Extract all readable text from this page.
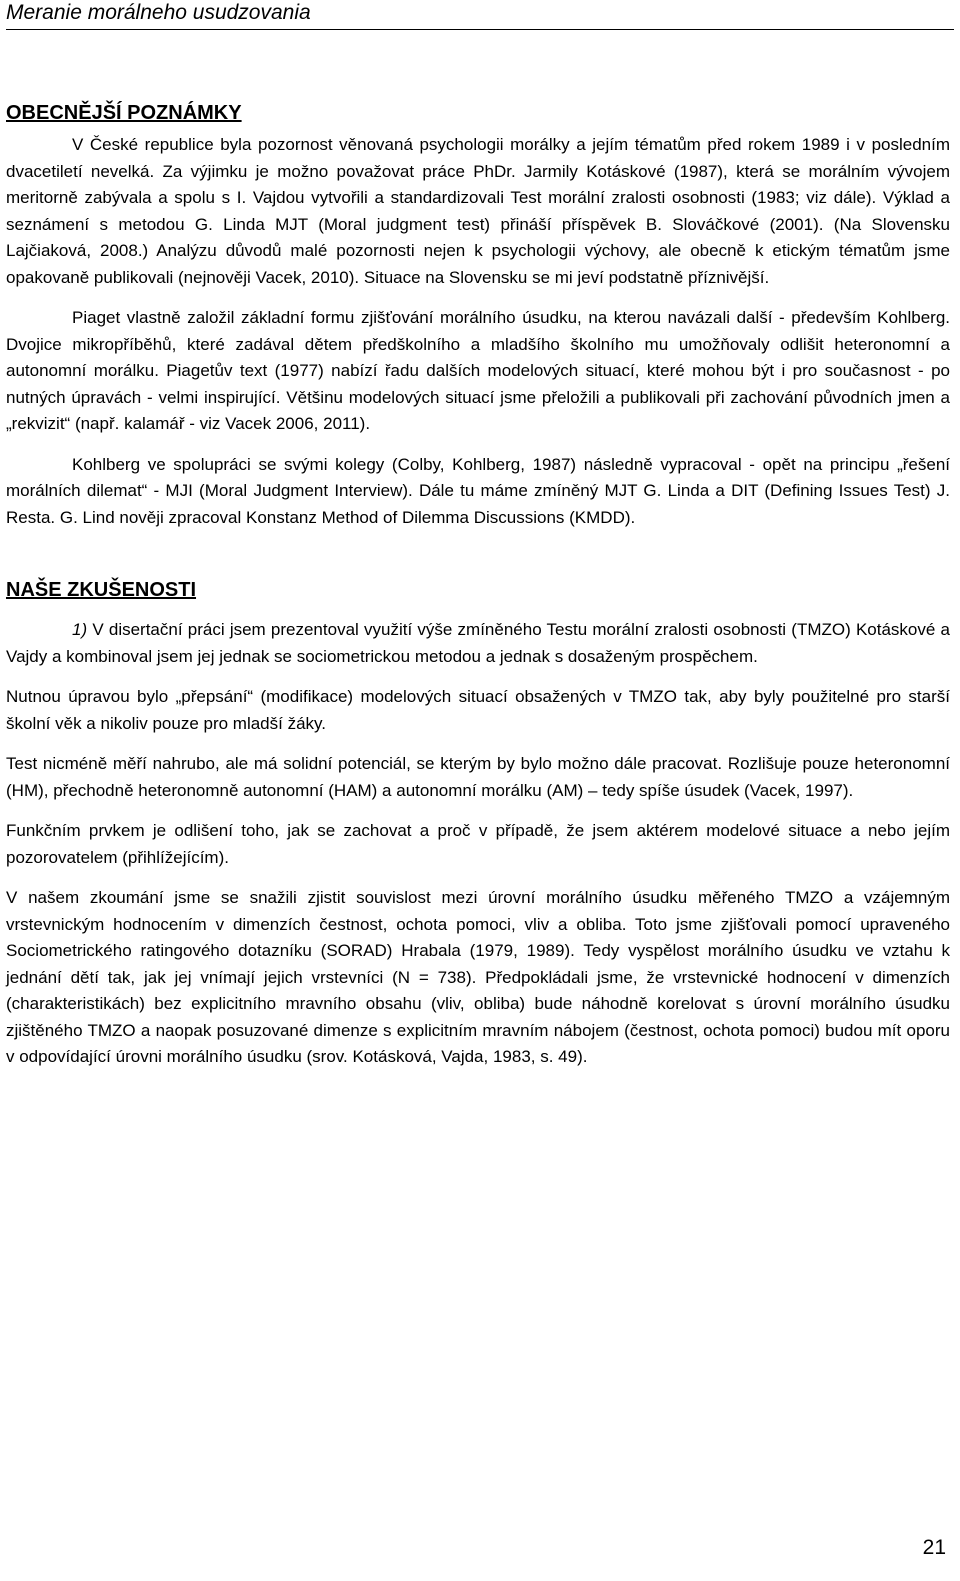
Meranie morálneho usudzovania
OBECNĚJŠÍ POZNÁMKY

V České republice byla pozornost věnovaná psychologii morálky a jejím tématům před rokem 1989 i v posledním dvacetiletí nevelká. Za výjimku je možno považovat práce PhDr. Jarmily Kotáskové (1987), která se morálním vývojem meritorně zabývala a spolu s I. Vajdou vytvořili a standardizovali Test morální zralosti osobnosti (1983; viz dále). Výklad a seznámení s metodou G. Linda MJT (Moral judgment test) přináší příspěvek B. Slováčkové (2001). (Na Slovensku Lajčiaková, 2008.) Analýzu důvodů malé pozornosti nejen k psychologii výchovy, ale obecně k etickým tématům jsme opakovaně publikovali (nejnověji Vacek, 2010). Situace na Slovensku se mi jeví podstatně příznivější.

Piaget vlastně založil základní formu zjišťování morálního úsudku, na kterou navázali další - především Kohlberg. Dvojice mikropříběhů, které zadával dětem předškolního a mladšího školního mu umožňovaly odlišit heteronomní a autonomní morálku. Piagetův text (1977) nabízí řadu dalších modelových situací, které mohou být i pro současnost - po nutných úpravách - velmi inspirující. Většinu modelových situací jsme přeložili a publikovali při zachování původních jmen a „rekvizit“ (např. kalamář - viz Vacek 2006, 2011).

Kohlberg ve spolupráci se svými kolegy (Colby, Kohlberg, 1987) následně vypracoval - opět na principu „řešení morálních dilemat“ - MJI (Moral Judgment Interview). Dále tu máme zmíněný MJT G. Linda a DIT (Defining Issues Test) J. Resta. G. Lind nověji zpracoval Konstanz Method of Dilemma Discussions (KMDD).

NAŠE ZKUŠENOSTI

1) V disertační práci jsem prezentoval využití výše zmíněného Testu morální zralosti osobnosti (TMZO) Kotáskové a Vajdy a kombinoval jsem jej jednak se sociometrickou metodou a jednak s dosaženým prospěchem.

Nutnou úpravou bylo „přepsání“ (modifikace) modelových situací obsažených v TMZO tak, aby byly použitelné pro starší školní věk a nikoliv pouze pro mladší žáky.

Test nicméně měří nahrubo, ale má solidní potenciál, se kterým by bylo možno dále pracovat. Rozlišuje pouze heteronomní (HM), přechodně heteronomně autonomní (HAM) a autonomní morálku (AM) – tedy spíše úsudek (Vacek, 1997).

Funkčním prvkem je odlišení toho, jak se zachovat a proč v případě, že jsem aktérem modelové situace a nebo jejím pozorovatelem (přihlížejícím).

V našem zkoumání jsme se snažili zjistit souvislost mezi úrovní morálního úsudku měřeného TMZO a vzájemným vrstevnickým hodnocením v dimenzích čestnost, ochota pomoci, vliv a obliba. Toto jsme zjišťovali pomocí upraveného Sociometrického ratingového dotazníku (SORAD) Hrabala (1979, 1989). Tedy vyspělost morálního úsudku ve vztahu k jednání dětí tak, jak jej vnímají jejich vrstevníci (N = 738). Předpokládali jsme, že vrstevnické hodnocení v dimenzích (charakteristikách) bez explicitního mravního obsahu (vliv, obliba) bude náhodně korelovat s úrovní morálního úsudku zjištěného TMZO a naopak posuzované dimenze s explicitním mravním nábojem (čestnost, ochota pomoci) budou mít oporu v odpovídající úrovni morálního úsudku (srov. Kotásková, Vajda, 1983, s. 49).

21
